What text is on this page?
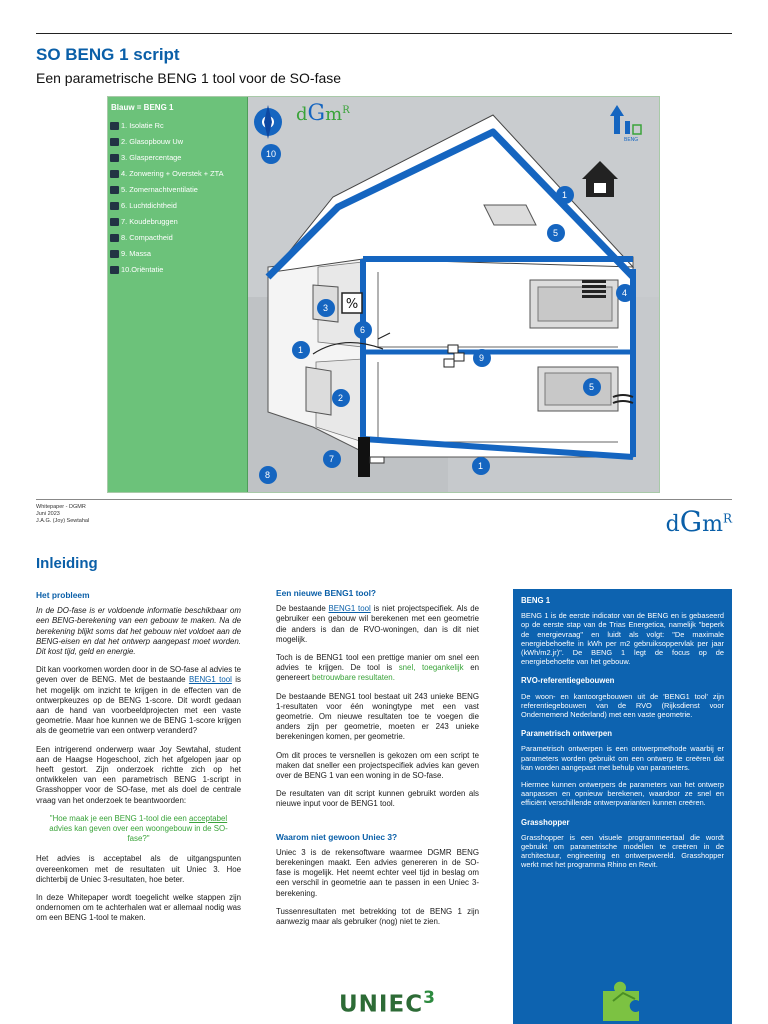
SO BENG 1 script
Een parametrische BENG 1 tool voor de SO-fase
%
10
1
5
4
3
6
1
9
5
2
7
1
8
dGm$^R$
BENG
Blauw = BENG 1
1. Isolatie Rc
2. Glasopbouw Uw
3. Glaspercentage
4. Zonwering + Overstek + ZTA
5. Zomernachtventilatie
6. Luchtdichtheid
7. Koudebruggen
8. Compactheid
9. Massa
10.Oriëntatie
Whitepaper - DGMR
Juni 2023
J.A.G. (Joy) Sewtahal	dGm$^R$
Inleiding
Het probleem
In de DO-fase is er voldoende informatie beschikbaar om een BENG-berekening van een gebouw te maken. Na de berekening blijkt soms dat het gebouw niet voldoet aan de BENG-eisen en dat het ontwerp aangepast moet worden. Dit kost tijd, geld en energie.
Dit kan voorkomen worden door in de SO-fase al advies te geven over de BENG. Met de bestaande BENG1 tool is het mogelijk om inzicht te krijgen in de effecten van de ontwerpkeuzes op de BENG 1-score. Dit wordt gedaan aan de hand van voorbeeldprojecten met een vaste geometrie. Maar hoe kunnen we de BENG 1-score krijgen als de geometrie van een ontwerp veranderd?
Een intrigerend onderwerp waar Joy Sewtahal, student aan de Haagse Hogeschool, zich het afgelopen jaar op heeft gestort. Zijn onderzoek richtte zich op het ontwikkelen van een parametrisch BENG 1-script in Grasshopper voor de SO-fase, met als doel de centrale vraag van het onderzoek te beantwoorden:
"Hoe maak je een BENG 1-tool die een acceptabel advies kan geven over een woongebouw in de SO-fase?"
Het advies is acceptabel als de uitgangspunten overeenkomen met de resultaten uit Uniec 3. Hoe dichterbij de Uniec 3-resultaten, hoe beter.
In deze Whitepaper wordt toegelicht welke stappen zijn ondernomen om te achterhalen wat er allemaal nodig was om een BENG 1-tool te maken.
Een nieuwe BENG1 tool?
De bestaande BENG1 tool is niet projectspecifiek. Als de gebruiker een gebouw wil berekenen met een geometrie die anders is dan de RVO-woningen, dan is dit niet mogelijk.
Toch is de BENG1 tool een prettige manier om snel een advies te krijgen. De tool is snel, toegankelijk en genereert betrouwbare resultaten.
De bestaande BENG1 tool bestaat uit 243 unieke BENG 1-resultaten voor één woningtype met een vast geometrie. Om nieuwe resultaten toe te voegen die anders zijn per geometrie, moeten er 243 unieke berekeningen komen, per geometrie.
Om dit proces te versnellen is gekozen om een script te maken dat sneller een projectspecifiek advies kan geven over de BENG 1 van een woning in de SO-fase.
De resultaten van dit script kunnen gebruikt worden als nieuwe input voor de BENG1 tool.
Waarom niet gewoon Uniec 3?
Uniec 3 is de rekensoftware waarmee DGMR BENG berekeningen maakt. Een advies genereren in de SO-fase is mogelijk. Het neemt echter veel tijd in beslag om een verschil in geometrie aan te passen in een Uniec 3-berekening.
Tussenresultaten met betrekking tot de BENG 1 zijn aanwezig maar als gebruiker (nog) niet te zien.
UNIEC$^3$
BENG 1
BENG 1 is de eerste indicator van de BENG en is gebaseerd op de eerste stap van de Trias Energetica, namelijk "beperk de energievraag" en luidt als volgt: "De maximale energiebehoefte in kWh per m2 gebruiksoppervlak per jaar (kWh/m2.jr)". De BENG 1 legt de focus op de energiebehoefte van het gebouw.
RVO-referentiegebouwen
De woon- en kantoorgebouwen uit de 'BENG1 tool' zijn referentiegebouwen van de RVO (Rijksdienst voor Ondernemend Nederland) met een vaste geometrie.
Parametrisch ontwerpen
Parametrisch ontwerpen is een ontwerpmethode waarbij er parameters worden gebruikt om een ontwerp te creëren dat kan worden aangepast met behulp van parameters.
Hiermee kunnen ontwerpers de parameters van het ontwerp aanpassen en opnieuw berekenen, waardoor ze snel en efficiënt verschillende ontwerpvarianten kunnen creëren.
Grasshopper
Grasshopper is een visuele programmeertaal die wordt gebruikt om parametrische modellen te creëren in de architectuur, engineering en ontwerpwereld. Grasshopper werkt met het programma Rhino en Revit.
